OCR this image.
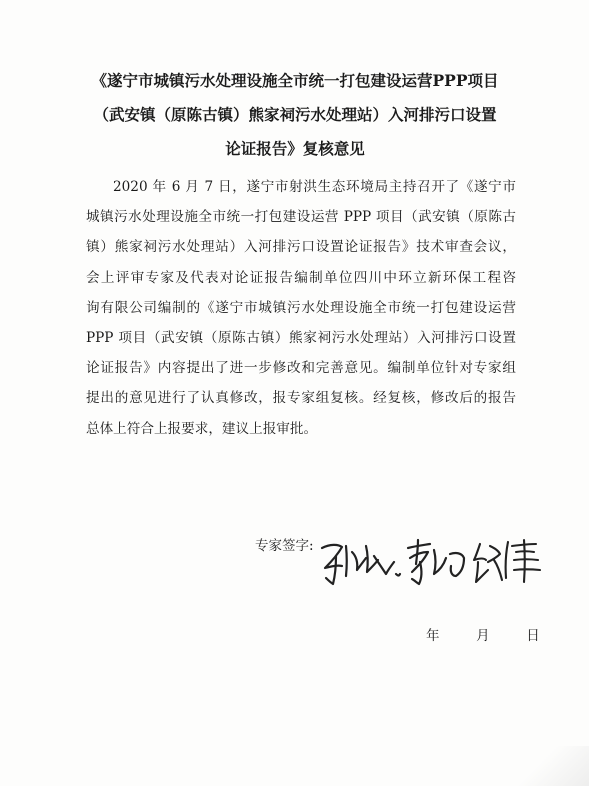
《遂宁市城镇污水处理设施全市统一打包建设运营PPP项目
（武安镇（原陈古镇）熊家祠污水处理站）入河排污口设置
论证报告》复核意见

2020 年 6 月 7 日，遂宁市射洪生态环境局主持召开了《遂宁市
城镇污水处理设施全市统一打包建设运营 PPP 项目（武安镇（原陈古
镇）熊家祠污水处理站）入河排污口设置论证报告》技术审查会议，
会上评审专家及代表对论证报告编制单位四川中环立新环保工程咨
询有限公司编制的《遂宁市城镇污水处理设施全市统一打包建设运营
PPP 项目（武安镇（原陈古镇）熊家祠污水处理站）入河排污口设置
论证报告》内容提出了进一步修改和完善意见。编制单位针对专家组
提出的意见进行了认真修改，报专家组复核。经复核，修改后的报告
总体上符合上报要求，建议上报审批。

专家签字:
年	月	日
